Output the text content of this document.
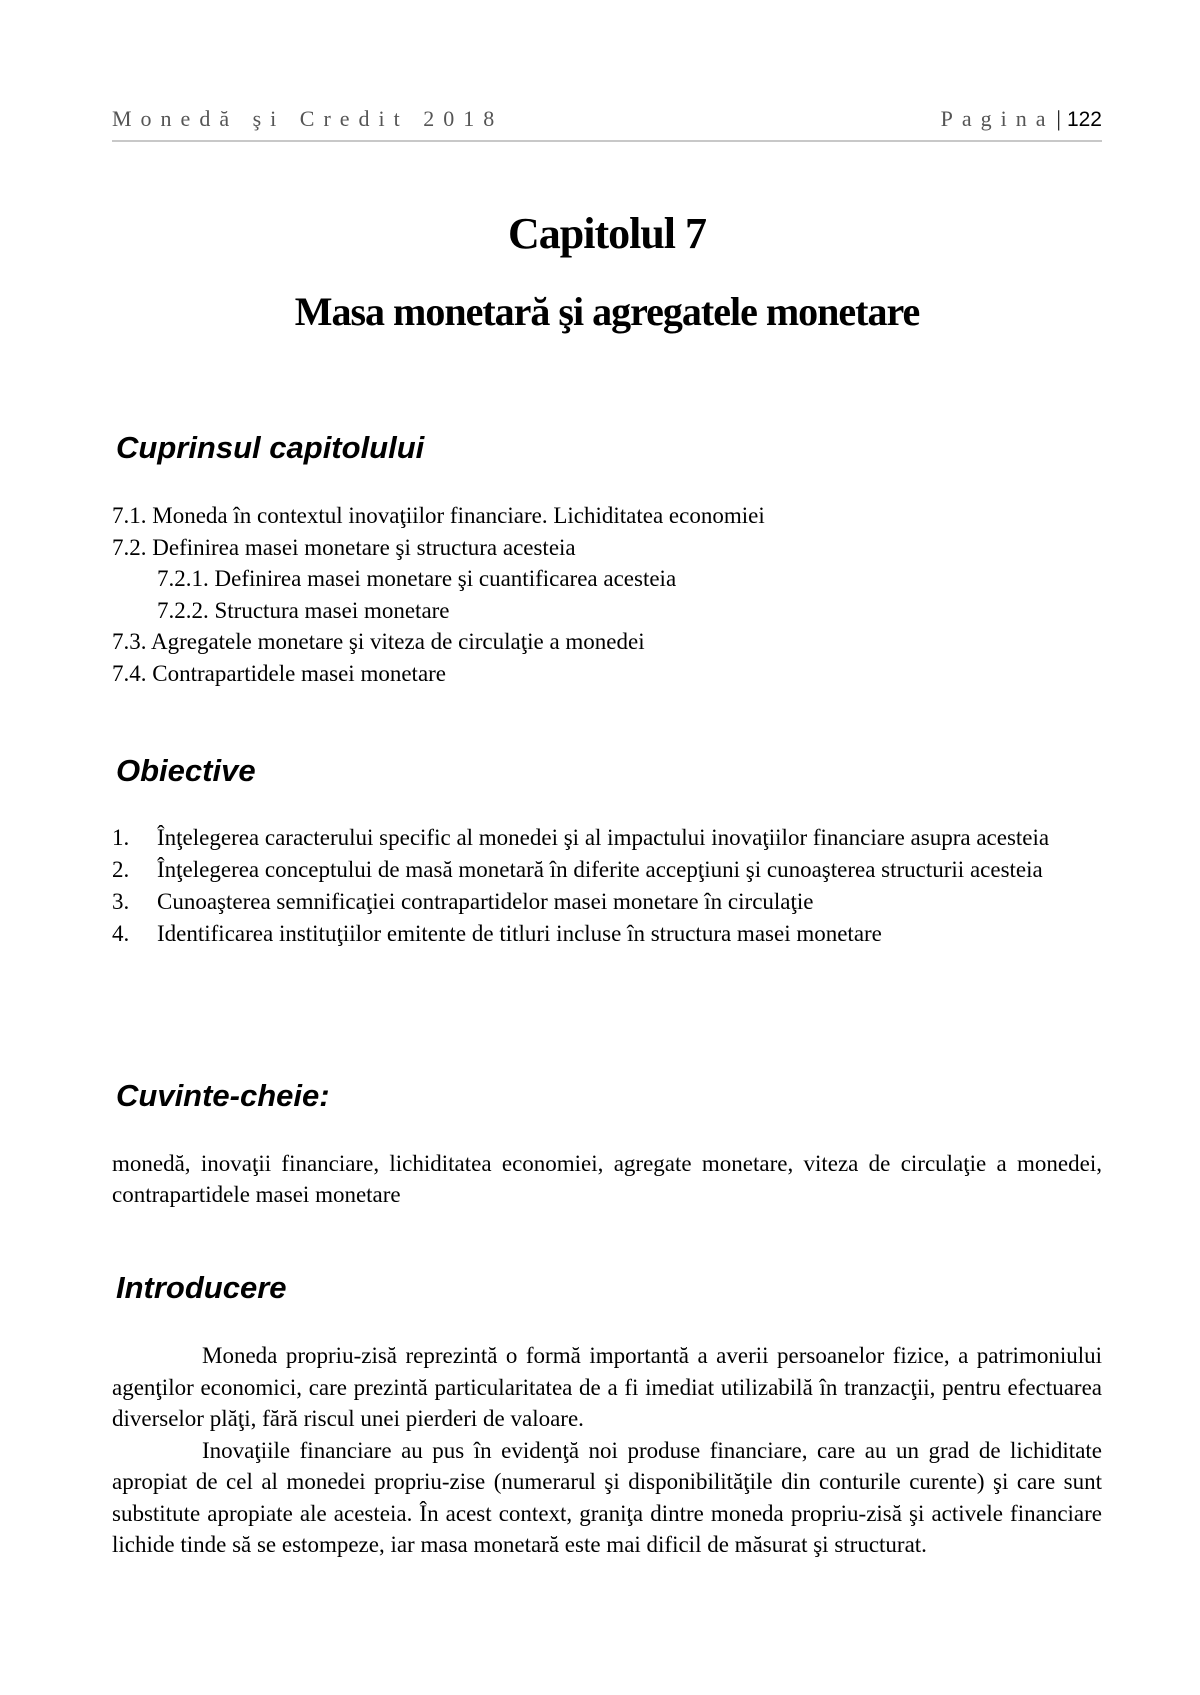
Monedă şi Credit 2018	Pagina| 122
Capitolul 7
Masa monetară şi agregatele monetare
Cuprinsul capitolului
7.1. Moneda în contextul inovaţiilor financiare. Lichiditatea economiei
7.2. Definirea masei monetare şi structura acesteia
7.2.1. Definirea masei monetare şi cuantificarea acesteia
7.2.2. Structura masei monetare
7.3. Agregatele monetare şi viteza de circulaţie a monedei
7.4. Contrapartidele masei monetare
Obiective
1.	Înţelegerea caracterului specific al monedei şi al impactului inovaţiilor financiare asupra acesteia
2.	Înţelegerea conceptului de masă monetară în diferite accepţiuni şi cunoaşterea structurii acesteia
3.	Cunoaşterea semnificaţiei contrapartidelor masei monetare în circulaţie
4.	Identificarea instituţiilor emitente de titluri incluse în structura masei monetare
Cuvinte-cheie:
monedă, inovaţii financiare, lichiditatea economiei, agregate monetare, viteza de circulaţie a monedei, contrapartidele masei monetare
Introducere

Moneda propriu-zisă reprezintă o formă importantă a averii persoanelor fizice, a patrimoniului agenţilor economici, care prezintă particularitatea de a fi imediat utilizabilă în tranzacţii, pentru efectuarea diverselor plăţi, fără riscul unei pierderi de valoare.

Inovaţiile financiare au pus în evidenţă noi produse financiare, care au un grad de lichiditate apropiat de cel al monedei propriu-zise (numerarul şi disponibilităţile din conturile curente) şi care sunt substitute apropiate ale acesteia. În acest context, graniţa dintre moneda propriu-zisă şi activele financiare lichide tinde să se estompeze, iar masa monetară este mai dificil de măsurat şi structurat.
